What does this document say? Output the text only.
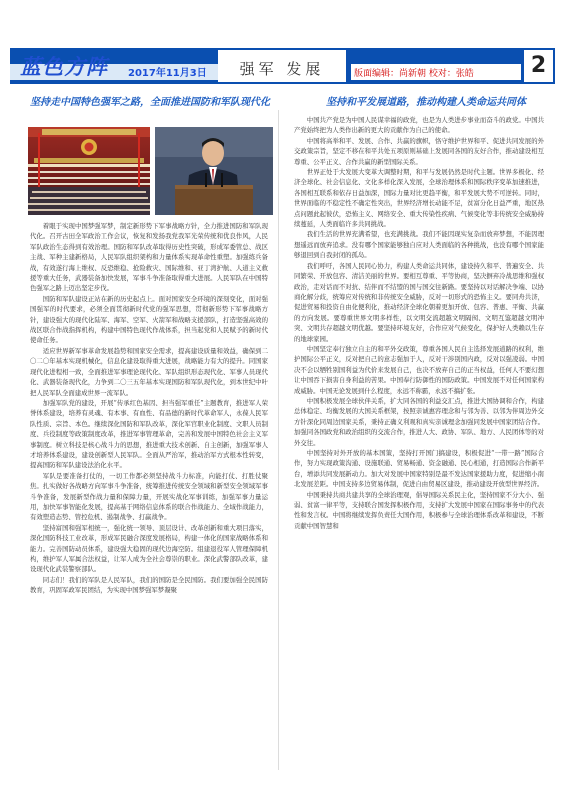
蓝色方阵 2017年11月3日	强军 发展	版面编辑：尚新朝 校对：张皓	2
坚持走中国特色强军之路，全面推进国防和军队现代化	坚持和平发展道路，推动构建人类命运共同体

着眼于实现中国梦强军梦，制定新形势下军事战略方针，全力推进国防和军队现代化。召开古田全军政治工作会议，恢复和发扬我党我军光荣传统和优良作风，人民军队政治生态得到有效治理。国防和军队改革取得历史性突破，形成军委管总、战区主战、军种主建新格局，人民军队组织架构和力量体系实现革命性重塑。加强练兵备战，有效遂行海上维权、反恐维稳、抢险救灾、国际维和、亚丁湾护航、人道主义救援等重大任务，武器装备加快发展，军事斗争准备取得重大进展。人民军队在中国特色强军之路上迈出坚定步伐。

国防和军队建设正站在新的历史起点上。面对国家安全环境的深刻变化，面对强国强军的时代要求，必须全面贯彻新时代党的强军思想，贯彻新形势下军事战略方针，建设强大的现代化陆军、海军、空军、火箭军和战略支援部队，打造坚强高效的战区联合作战指挥机构，构建中国特色现代作战体系，担当起党和人民赋予的新时代使命任务。

适应世界新军事革命发展趋势和国家安全需求，提高建设质量和效益，确保到二〇二〇年基本实现机械化，信息化建设取得重大进展，战略能力有大的提升。同国家现代化进程相一致，全面推进军事理论现代化、军队组织形态现代化、军事人员现代化、武器装备现代化，力争到二〇三五年基本实现国防和军队现代化，到本世纪中叶把人民军队全面建成世界一流军队。

加强军队党的建设，开展“传承红色基因、担当强军重任”主题教育，推进军人荣誉体系建设，培养有灵魂、有本事、有血性、有品德的新时代革命军人，永葆人民军队性质、宗旨、本色。继续深化国防和军队改革，深化军官职业化制度、文职人员制度、兵役制度等政策制度改革，推进军事管理革命，完善和发展中国特色社会主义军事制度。树立科技是核心战斗力的思想，推进重大技术创新、自主创新，加强军事人才培养体系建设，建设创新型人民军队。全面从严治军，推动治军方式根本性转变，提高国防和军队建设法治化水平。

军队是要准备打仗的，一切工作都必须坚持战斗力标准，向能打仗、打胜仗聚焦。扎实做好各战略方向军事斗争准备，统筹推进传统安全领域和新型安全领域军事斗争准备，发展新型作战力量和保障力量，开展实战化军事训练，加强军事力量运用，加快军事智能化发展，提高基于网络信息体系的联合作战能力、全域作战能力，有效塑造态势、管控危机、遏制战争、打赢战争。

坚持富国和强军相统一，强化统一领导、顶层设计、改革创新和重大项目落实，深化国防科技工业改革，形成军民融合深度发展格局，构建一体化的国家战略体系和能力。完善国防动员体系，建设强大稳固的现代边海空防。组建退役军人管理保障机构，维护军人军属合法权益，让军人成为全社会尊崇的职业。深化武警部队改革，建设现代化武装警察部队。

同志们！我们的军队是人民军队，我们的国防是全民国防。我们要加强全民国防教育，巩固军政军民团结，为实现中国梦强军梦凝聚

中国共产党是为中国人民谋幸福的政党，也是为人类进步事业而奋斗的政党。中国共产党始终把为人类作出新的更大的贡献作为自己的使命。

中国将高举和平、发展、合作、共赢的旗帜，恪守维护世界和平、促进共同发展的外交政策宗旨，坚定不移在和平共处五项原则基础上发展同各国的友好合作，推动建设相互尊重、公平正义、合作共赢的新型国际关系。

世界正处于大发展大变革大调整时期，和平与发展仍然是时代主题。世界多极化、经济全球化、社会信息化、文化多样化深入发展，全球治理体系和国际秩序变革加速推进，各国相互联系和依存日益加深，国际力量对比更趋平衡，和平发展大势不可逆转。同时，世界面临的不稳定性不确定性突出，世界经济增长动能不足，贫富分化日益严重，地区热点问题此起彼伏，恐怖主义、网络安全、重大传染性疾病、气候变化等非传统安全威胁持续蔓延，人类面临许多共同挑战。

我们生活的世界充满希望，也充满挑战。我们不能因现实复杂而放弃梦想，不能因理想遥远而放弃追求。没有哪个国家能够独自应对人类面临的各种挑战，也没有哪个国家能够退回到自我封闭的孤岛。

我们呼吁，各国人民同心协力，构建人类命运共同体，建设持久和平、普遍安全、共同繁荣、开放包容、清洁美丽的世界。要相互尊重、平等协商，坚决摒弃冷战思维和强权政治，走对话而不对抗、结伴而不结盟的国与国交往新路。要坚持以对话解决争端、以协商化解分歧，统筹应对传统和非传统安全威胁，反对一切形式的恐怖主义。要同舟共济，促进贸易和投资自由化便利化，推动经济全球化朝着更加开放、包容、普惠、平衡、共赢的方向发展。要尊重世界文明多样性，以文明交流超越文明隔阂、文明互鉴超越文明冲突、文明共存超越文明优越。要坚持环境友好，合作应对气候变化，保护好人类赖以生存的地球家园。

中国坚定奉行独立自主的和平外交政策，尊重各国人民自主选择发展道路的权利，维护国际公平正义，反对把自己的意志强加于人，反对干涉别国内政，反对以强凌弱。中国决不会以牺牲别国利益为代价来发展自己，也决不放弃自己的正当权益，任何人不要幻想让中国吞下损害自身利益的苦果。中国奉行防御性的国防政策。中国发展不对任何国家构成威胁。中国无论发展到什么程度，永远不称霸，永远不搞扩张。

中国积极发展全球伙伴关系，扩大同各国的利益交汇点，推进大国协调和合作，构建总体稳定、均衡发展的大国关系框架，按照亲诚惠容理念和与邻为善、以邻为伴周边外交方针深化同周边国家关系，秉持正确义利观和真实亲诚理念加强同发展中国家团结合作。加强同各国政党和政治组织的交流合作，推进人大、政协、军队、地方、人民团体等的对外交往。

中国坚持对外开放的基本国策，坚持打开国门搞建设，积极促进“一带一路”国际合作，努力实现政策沟通、设施联通、贸易畅通、资金融通、民心相通，打造国际合作新平台，增添共同发展新动力。加大对发展中国家特别是最不发达国家援助力度，促进缩小南北发展差距。中国支持多边贸易体制，促进自由贸易区建设，推动建设开放型世界经济。

中国秉持共商共建共享的全球治理观，倡导国际关系民主化，坚持国家不分大小、强弱、贫富一律平等，支持联合国发挥积极作用，支持扩大发展中国家在国际事务中的代表性和发言权。中国将继续发挥负责任大国作用，积极参与全球治理体系改革和建设，不断贡献中国智慧和
